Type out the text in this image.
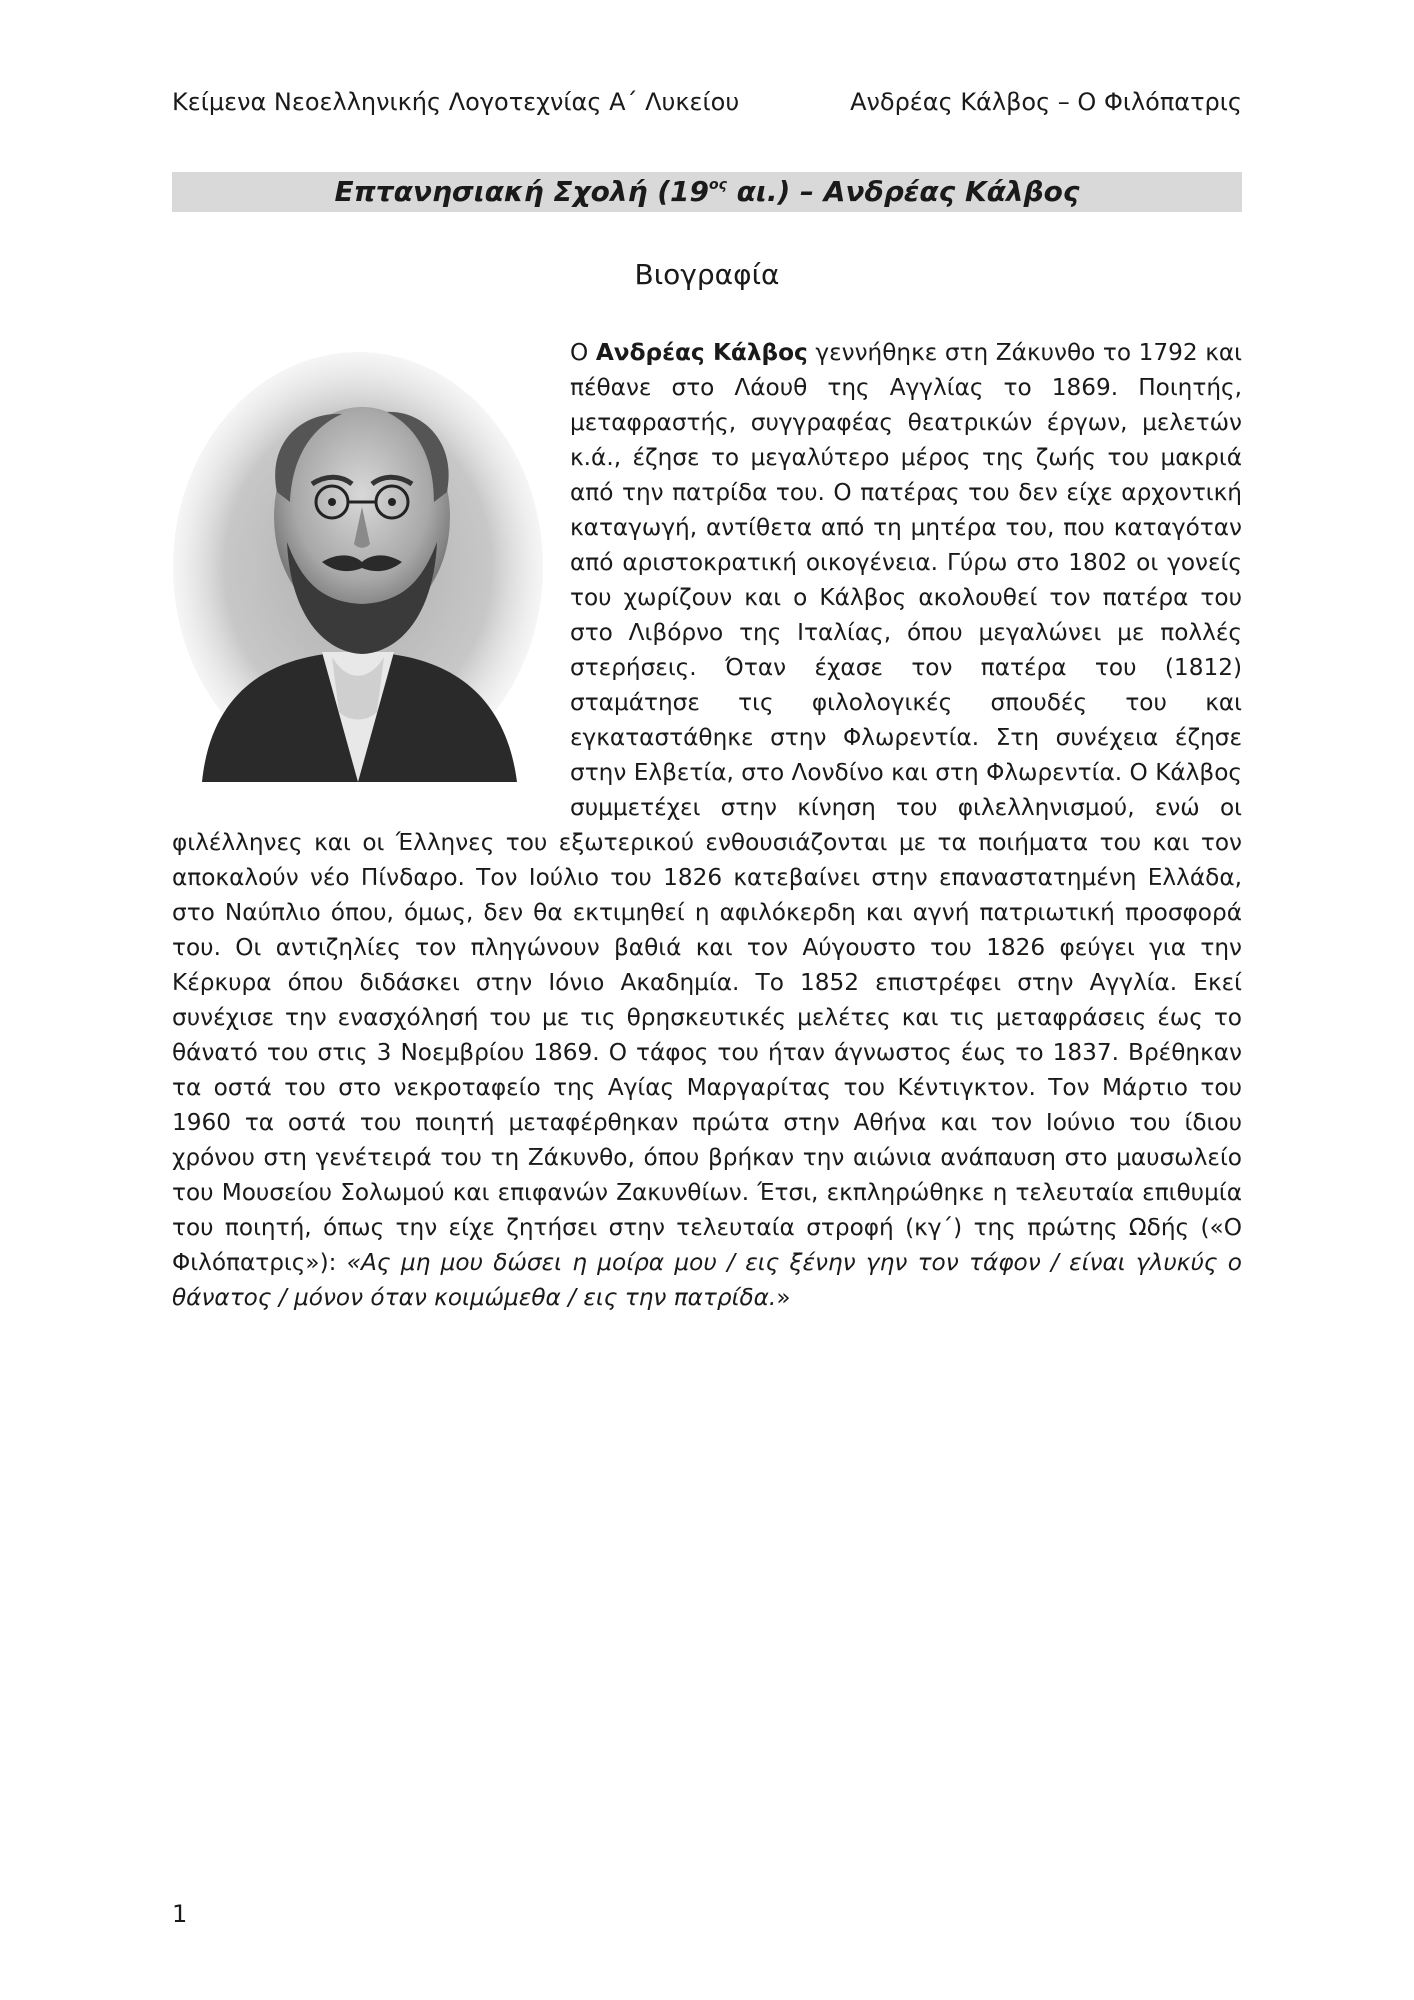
Κείμενα Νεοελληνικής Λογοτεχνίας Α΄ Λυκείου	Ανδρέας Κάλβος – Ο Φιλόπατρις
Επτανησιακή Σχολή ($19^{o\varsigma}$ αι.) – Ανδρέας Κάλβος
Βιογραφία

Ο Ανδρέας Κάλβος γεννήθηκε στη Ζάκυνθο το 1792 και πέθανε στο Λάουθ της Αγγλίας το 1869. Ποιητής, μεταφραστής, συγγραφέας θεατρικών έργων, μελετών κ.ά., έζησε το μεγαλύτερο μέρος της ζωής του μακριά από την πατρίδα του. Ο πατέρας του δεν είχε αρχοντική καταγωγή, αντίθετα από τη μητέρα του, που καταγόταν από αριστοκρατική οικογένεια. Γύρω στο 1802 οι γονείς του χωρίζουν και ο Κάλβος ακολουθεί τον πατέρα του στο Λιβόρνο της Ιταλίας, όπου μεγαλώνει με πολλές στερήσεις. Όταν έχασε τον πατέρα του (1812) σταμάτησε τις φιλολογικές σπουδές του και εγκαταστάθηκε στην Φλωρεντία. Στη συνέχεια έζησε στην Ελβετία, στο Λονδίνο και στη Φλωρεντία. Ο Κάλβος συμμετέχει στην κίνηση του φιλελληνισμού, ενώ οι φιλέλληνες και οι Έλληνες του εξωτερικού ενθουσιάζονται με τα ποιήματα του και τον αποκαλούν νέο Πίνδαρο. Τον Ιούλιο του 1826 κατεβαίνει στην επαναστατημένη Ελλάδα, στο Ναύπλιο όπου, όμως, δεν θα εκτιμηθεί η αφιλόκερδη και αγνή πατριωτική προσφορά του. Οι αντιζηλίες τον πληγώνουν βαθιά και τον Αύγουστο του 1826 φεύγει για την Κέρκυρα όπου διδάσκει στην Ιόνιο Ακαδημία. Το 1852 επιστρέφει στην Αγγλία. Εκεί συνέχισε την ενασχόλησή του με τις θρησκευτικές μελέτες και τις μεταφράσεις έως το θάνατό του στις 3 Νοεμβρίου 1869. Ο τάφος του ήταν άγνωστος έως το 1837. Βρέθηκαν τα οστά του στο νεκροταφείο της Αγίας Μαργαρίτας του Κέντιγκτον. Τον Μάρτιο του 1960 τα οστά του ποιητή μεταφέρθηκαν πρώτα στην Αθήνα και τον Ιούνιο του ίδιου χρόνου στη γενέτειρά του τη Ζάκυνθο, όπου βρήκαν την αιώνια ανάπαυση στο μαυσωλείο του Μουσείου Σολωμού και επιφανών Ζακυνθίων. Έτσι, εκπληρώθηκε η τελευταία επιθυμία του ποιητή, όπως την είχε ζητήσει στην τελευταία στροφή (κγ΄) της πρώτης Ωδής («Ο Φιλόπατρις»): «Ας μη μου δώσει η μοίρα μου / εις ξένην γην τον τάφον / είναι γλυκύς ο θάνατος / μόνον όταν κοιμώμεθα / εις την πατρίδα.»

1
